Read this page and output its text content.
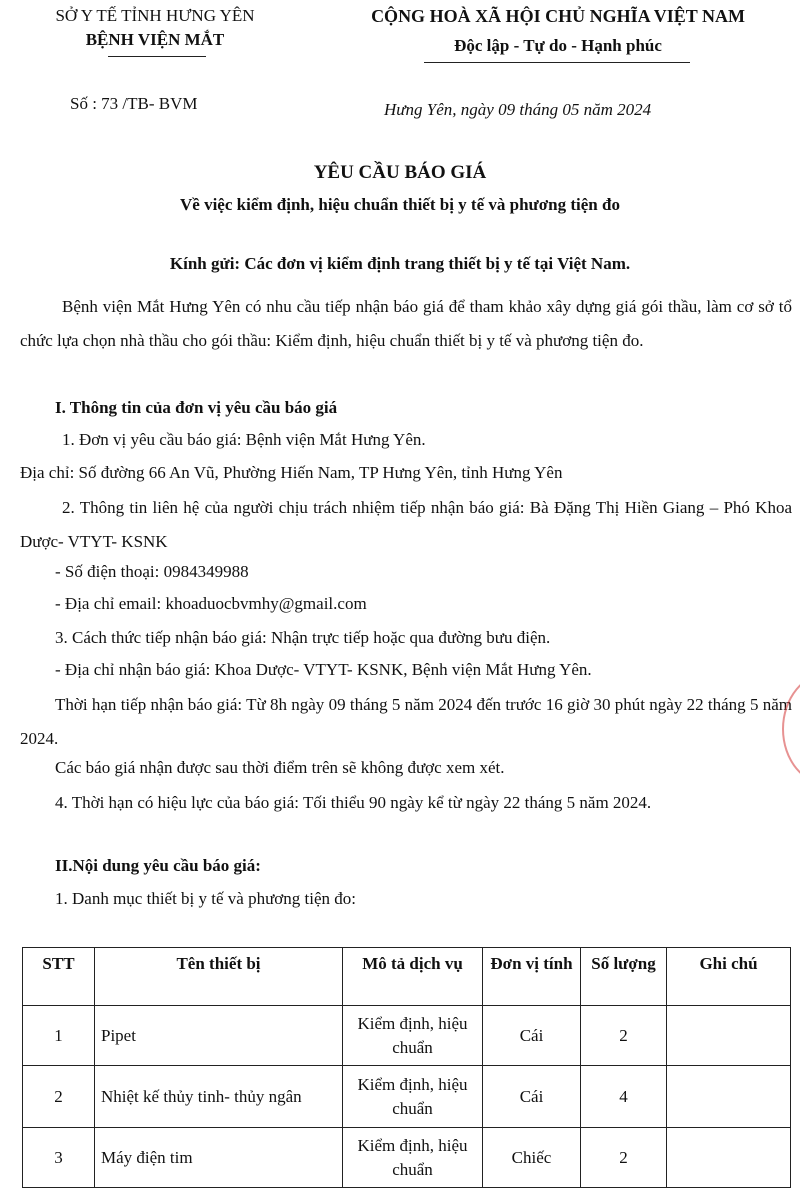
SỞ Y TẾ TỈNH HƯNG YÊN
BỆNH VIỆN MẮT
CỘNG HOÀ XÃ HỘI CHỦ NGHĨA VIỆT NAM
Độc lập - Tự do - Hạnh phúc
Số : 73 /TB- BVM	Hưng Yên, ngày 09 tháng 05 năm 2024
YÊU CẦU BÁO GIÁ
Về việc kiểm định, hiệu chuẩn thiết bị y tế và phương tiện đo
Kính gửi: Các đơn vị kiểm định trang thiết bị y tế tại Việt Nam.
Bệnh viện Mắt Hưng Yên có nhu cầu tiếp nhận báo giá để tham khảo xây dựng giá gói thầu, làm cơ sở tổ chức lựa chọn nhà thầu cho gói thầu: Kiểm định, hiệu chuẩn thiết bị y tế và phương tiện đo.
I. Thông tin của đơn vị yêu cầu báo giá
1. Đơn vị yêu cầu báo giá: Bệnh viện Mắt Hưng Yên.
Địa chỉ: Số đường 66 An Vũ, Phường Hiến Nam, TP Hưng Yên, tỉnh Hưng Yên
2. Thông tin liên hệ của người chịu trách nhiệm tiếp nhận báo giá: Bà Đặng Thị Hiền Giang – Phó Khoa Dược- VTYT- KSNK
- Số điện thoại: 0984349988
- Địa chỉ email: khoaduocbvmhy@gmail.com
3. Cách thức tiếp nhận báo giá: Nhận trực tiếp hoặc qua đường bưu điện.
- Địa chỉ nhận báo giá: Khoa Dược- VTYT- KSNK, Bệnh viện Mắt Hưng Yên.
Thời hạn tiếp nhận báo giá: Từ 8h ngày 09 tháng 5 năm 2024 đến trước 16 giờ 30 phút ngày 22 tháng 5 năm 2024.
Các báo giá nhận được sau thời điểm trên sẽ không được xem xét.
4. Thời hạn có hiệu lực của báo giá: Tối thiểu 90 ngày kể từ ngày 22 tháng 5 năm 2024.
II.Nội dung yêu cầu báo giá:
1. Danh mục thiết bị y tế và phương tiện đo:
STT	Tên thiết bị	Mô tả dịch vụ	Đơn vị tính	Số lượng	Ghi chú
1	Pipet	Kiểm định, hiệu chuẩn	Cái	2	
2	Nhiệt kế thủy tinh- thủy ngân	Kiểm định, hiệu chuẩn	Cái	4	
3	Máy điện tim	Kiểm định, hiệu chuẩn	Chiếc	2	
